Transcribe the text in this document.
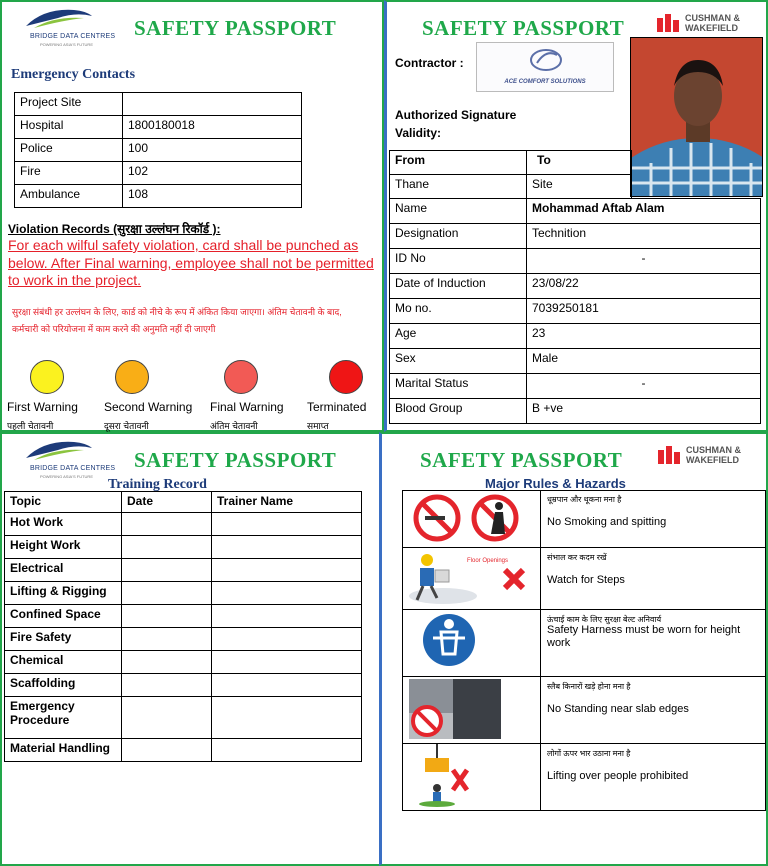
BRIDGE DATA CENTRES
POWERING ASIA'S FUTURE
SAFETY PASSPORT
Emergency Contacts
Project Site	
Hospital	1800180018
Police	100
Fire	102
Ambulance	108
Violation Records (सुरक्षा उल्लंघन रिकॉर्ड ):
For each wilful safety violation, card shall be punched as below. After Final warning, employee shall not be permitted to work in the project.
सुरक्षा संबंधी हर उल्लंघन के लिए, कार्ड को नीचे के रूप में अंकित किया जाएगा। अंतिम चेतावनी के बाद, कर्मचारी को परियोजना में काम करने की अनुमति नहीं दी जाएगी
First Warning
पहली चेतावनी
Second Warning
दूसरा चेतावनी
Final Warning
अंतिम चेतावनी
Terminated
समाप्त
SAFETY PASSPORT	CUSHMAN &
WAKEFIELD
Contractor :
ACE COMFORT SOLUTIONS
Authorized Signature
Validity:
From	To	
Thane	Site	
Name	Mohammad Aftab Alam	
Designation	Technition	
ID No	-	
Date of Induction	23/08/22	
Mo no.	7039250181	
Age	23	
Sex	Male	
Marital Status	-	
Blood Group	B +ve	
BRIDGE DATA CENTRES
POWERING ASIA'S FUTURE
SAFETY PASSPORT
Training Record
Topic	Date	Trainer Name
Hot Work		
Height Work		
Electrical		
Lifting & Rigging		
Confined Space		
Fire Safety		
Chemical		
Scaffolding		
Emergency Procedure		
Material Handling		
SAFETY PASSPORT	CUSHMAN &
WAKEFIELD
Major Rules & Hazards
धूम्रपान और थूकना मना है
No Smoking and spitting
Floor Openings	संभाल कर कदम रखें
Watch for Steps
ऊंचाई काम के लिए सुरक्षा बेल्ट अनिवार्य
Safety Harness must be worn for height work
स्लैब किनारों खड़े होना मना है
No Standing near slab edges
लोगों ऊपर भार उठाना मना है
Lifting over people prohibited
